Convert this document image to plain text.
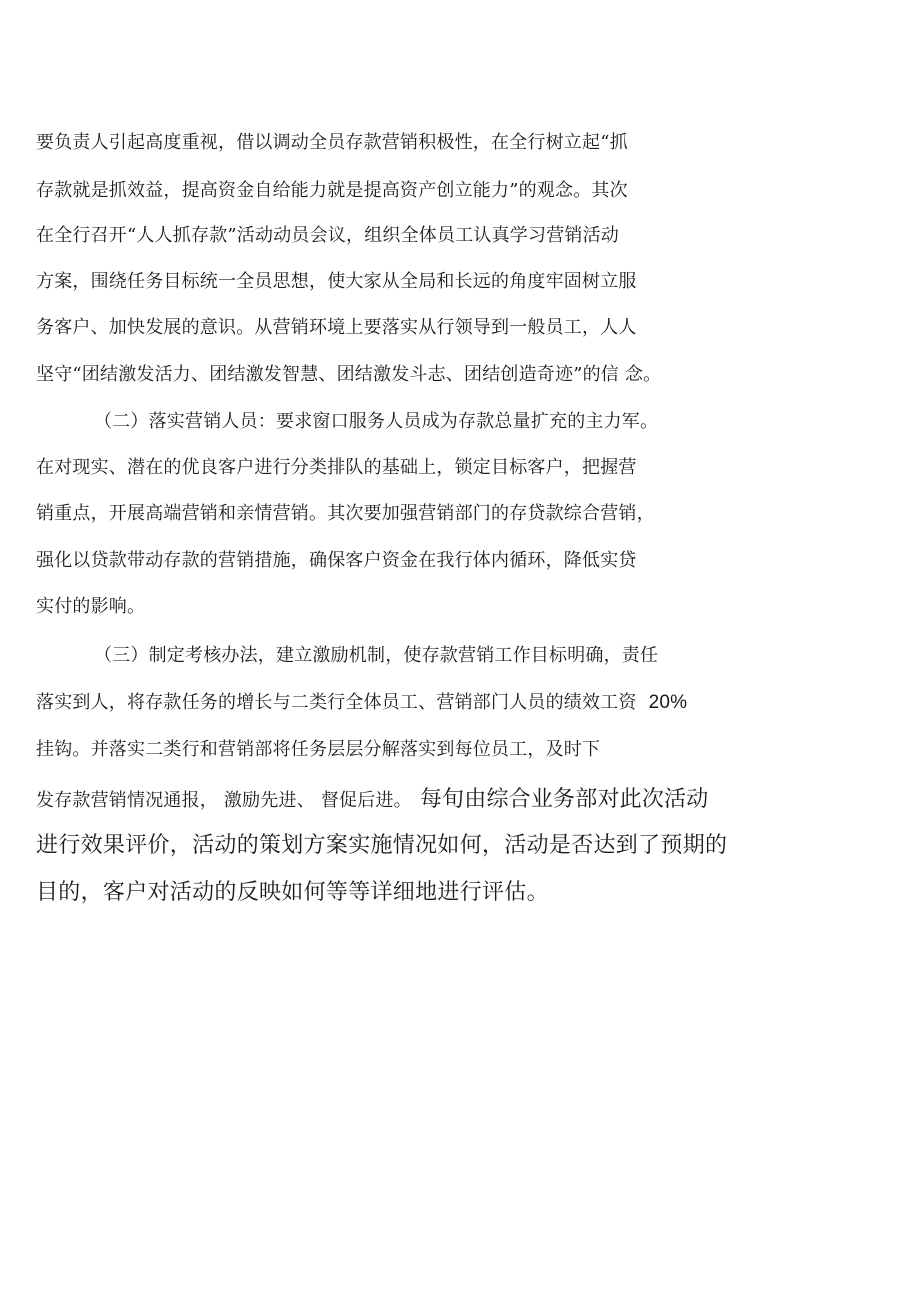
要负责人引起高度重视，借以调动全员存款营销积极性，在全行树立起“抓
存款就是抓效益，提高资金自给能力就是提高资产创立能力”的观念。其次
在全行召开“人人抓存款”活动动员会议，组织全体员工认真学习营销活动
方案，围绕任务目标统一全员思想，使大家从全局和长远的角度牢固树立服
务客户、加快发展的意识。从营销环境上要落实从行领导到一般员工，人人
坚守“团结激发活力、团结激发智慧、团结激发斗志、团结创造奇迹”的信 念。
（二）落实营销人员：要求窗口服务人员成为存款总量扩充的主力军。
在对现实、潜在的优良客户进行分类排队的基础上，锁定目标客户，把握营
销重点，开展高端营销和亲情营销。其次要加强营销部门的存贷款综合营销，
强化以贷款带动存款的营销措施，确保客户资金在我行体内循环，降低实贷
实付的影响。
（三）制定考核办法，建立激励机制，使存款营销工作目标明确，责任
落实到人，将存款任务的增长与二类行全体员工、营销部门人员的绩效工资 20%
挂钩。并落实二类行和营销部将任务层层分解落实到每位员工，及时下
发存款营销情况通报， 激励先进、 督促后进。 每旬由综合业务部对此次活动
进行效果评价，活动的策划方案实施情况如何，活动是否达到了预期的
目的，客户对活动的反映如何等等详细地进行评估。
